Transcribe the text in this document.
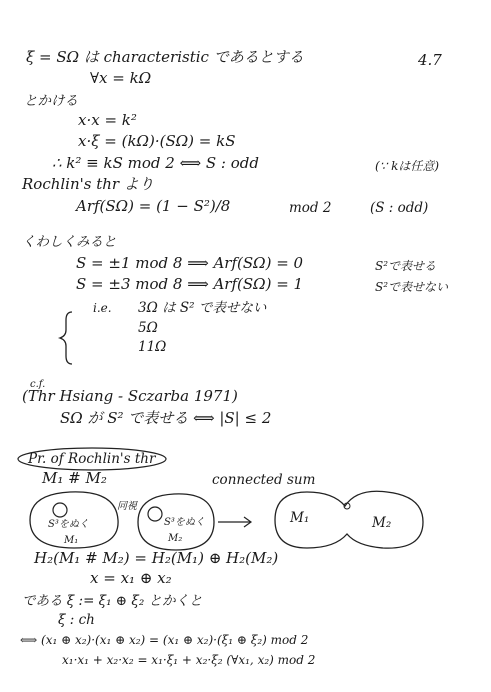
ξ = SΩ は characteristic であるとする	4.7
∀x = kΩ
とかける
x·x = k²
x·ξ = (kΩ)·(SΩ) = kS
∴ k² ≡ kS mod 2 ⟺ S : odd	(∵ kは任意)
Rochlin's thr より
Arf(SΩ) = (1 − S²)/8	mod 2	(S : odd)
くわしくみると
S = ±1 mod 8 ⟹ Arf(SΩ) = 0	S²で表せる
S = ±3 mod 8 ⟹ Arf(SΩ) = 1	S²で表せない
i.e. 3Ω は S² で表せない
5Ω
11Ω
c.f.
(Thr Hsiang - Sczarba 1971)
SΩ が S² で表せる ⟺ |S| ≤ 2
Pr. of Rochlin's thr
M₁ # M₂	connected sum
S³をぬく
M₁
同視
S³をぬく
M₂
M₁	M₂
H₂(M₁ # M₂) = H₂(M₁) ⊕ H₂(M₂)
x = x₁ ⊕ x₂
である ξ := ξ₁ ⊕ ξ₂ とかくと
ξ : ch
⟺ (x₁ ⊕ x₂)·(x₁ ⊕ x₂) = (x₁ ⊕ x₂)·(ξ₁ ⊕ ξ₂) mod 2
x₁·x₁ + x₂·x₂ = x₁·ξ₁ + x₂·ξ₂ (∀x₁, x₂) mod 2
